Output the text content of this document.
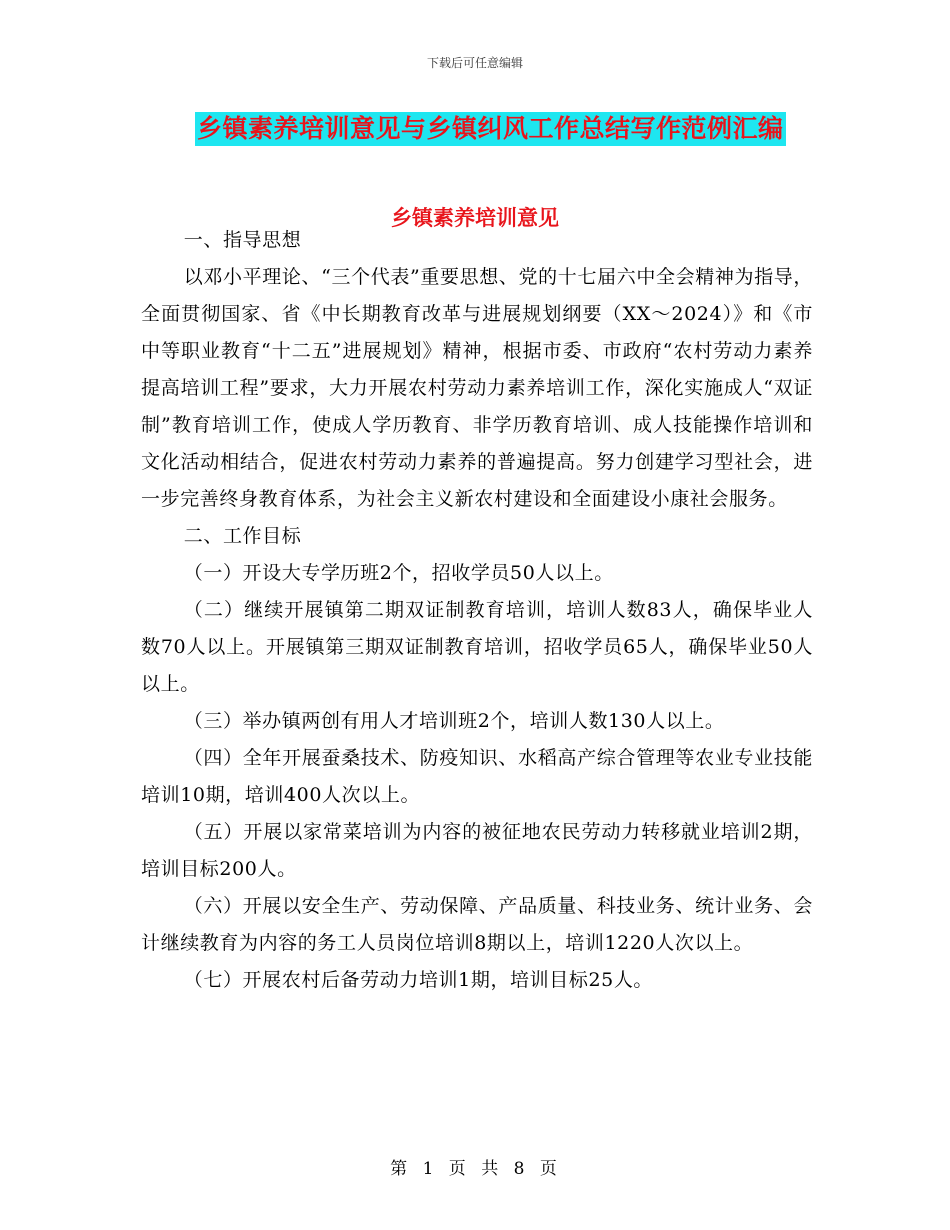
下载后可任意编辑
乡镇素养培训意见与乡镇纠风工作总结写作范例汇编
乡镇素养培训意见

一、指导思想

以邓小平理论、“三个代表”重要思想、党的十七届六中全会精神为指导，全面贯彻国家、省《中长期教育改革与进展规划纲要（XX～2024）》和《市中等职业教育“十二五”进展规划》精神，根据市委、市政府“农村劳动力素养提高培训工程”要求，大力开展农村劳动力素养培训工作，深化实施成人“双证制”教育培训工作，使成人学历教育、非学历教育培训、成人技能操作培训和文化活动相结合，促进农村劳动力素养的普遍提高。努力创建学习型社会，进一步完善终身教育体系，为社会主义新农村建设和全面建设小康社会服务。

二、工作目标

（一）开设大专学历班2个，招收学员50人以上。

（二）继续开展镇第二期双证制教育培训，培训人数83人，确保毕业人数70人以上。开展镇第三期双证制教育培训，招收学员65人，确保毕业50人以上。

（三）举办镇两创有用人才培训班2个，培训人数130人以上。

（四）全年开展蚕桑技术、防疫知识、水稻高产综合管理等农业专业技能培训10期，培训400人次以上。

（五）开展以家常菜培训为内容的被征地农民劳动力转移就业培训2期，培训目标200人。

（六）开展以安全生产、劳动保障、产品质量、科技业务、统计业务、会计继续教育为内容的务工人员岗位培训8期以上，培训1220人次以上。

（七）开展农村后备劳动力培训1期，培训目标25人。

第 1 页 共 8 页
